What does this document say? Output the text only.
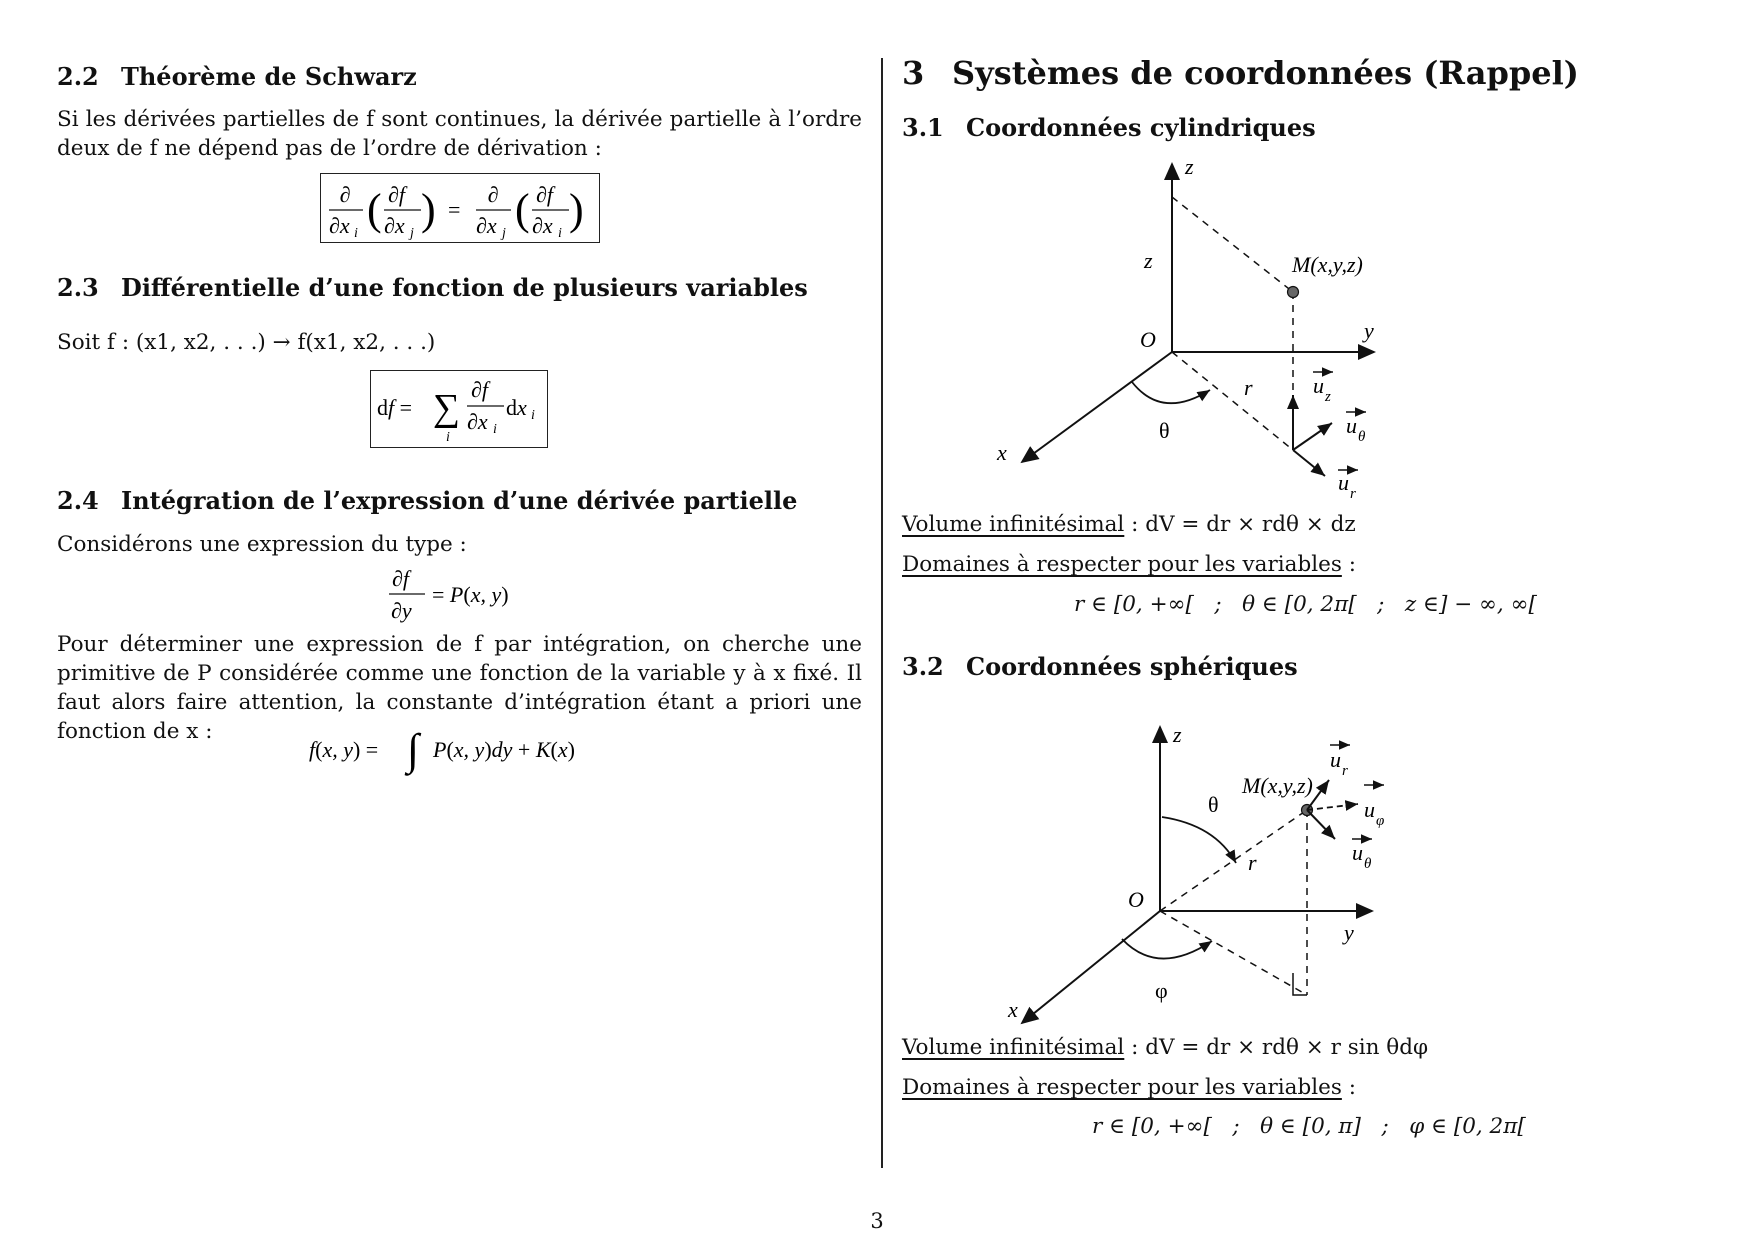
2.2 Théorème de Schwarz
Si les dérivées partielles de f sont continues, la dérivée partielle à l’ordre deux de f ne dépend pas de l’ordre de dérivation :
∂
∂x i ( ∂f
∂x j ) =
∂
∂x j ( ∂f
∂x i )
2.3 Différentielle d’une fonction de plusieurs variables
Soit f : (x1, x2, . . .) → f(x1, x2, . . .)
df = ∑
i
∂f
∂x i
dx i
2.4 Intégration de l’expression d’une dérivée partielle
Considérons une expression du type :
∂f
∂y
= P(x, y)
Pour déterminer une expression de f par intégration, on cherche une primitive de P considérée comme une fonction de la variable y à x fixé. Il faut alors faire attention, la constante d’intégration étant a priori une fonction de x :
f(x, y) = ∫ P(x, y)dy + K(x)
3 Systèmes de coordonnées (Rappel)
3.1 Coordonnées cylindriques
z
y
x
O
z	M(x,y,z)
r	u z
u θ
u r
θ
Volume infinitésimal : dV = dr × rdθ × dz
Domaines à respecter pour les variables :
r ∈ [0, +∞[   ;   θ ∈ [0, 2π[   ;   z ∈] − ∞, ∞[
3.2 Coordonnées sphériques
z
y
x
O
M(x,y,z)
r
u r
u φ
u θ
θ
φ
Volume infinitésimal : dV = dr × rdθ × r sin θdφ
Domaines à respecter pour les variables :
r ∈ [0, +∞[   ;   θ ∈ [0, π]   ;   φ ∈ [0, 2π[
3
